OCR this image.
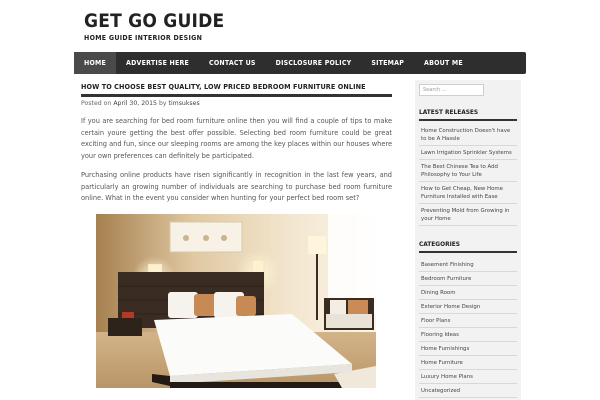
GET GO GUIDE
HOME GUIDE INTERIOR DESIGN
HOME	ADVERTISE HERE	CONTACT US	DISCLOSURE POLICY	SITEMAP	ABOUT ME
HOW TO CHOOSE BEST QUALITY, LOW PRICED BEDROOM FURNITURE ONLINE
Posted on April 30, 2015 by timsukses
If you are searching for bed room furniture online then you will find a couple of tips to make certain youre getting the best offer possible. Selecting bed room furniture could be great exciting and fun, since our sleeping rooms are among the key places within our houses where your own preferences can definitely be participated.
Purchasing online products have risen significantly in recognition in the last few years, and particularly an growing number of individuals are searching to purchase bed room furniture online. What in the event you consider when hunting for your perfect bed room set?
Search ...
LATEST RELEASES
Home Construction Doesn't have to be A Hassle
Lawn Irrigation Sprinkler Systems
The Best Chinese Tea to Add Philosophy to Your Life
How to Get Cheap, New Home Furniture Installed with Ease
Preventing Mold from Growing in your Home
CATEGORIES
Basement Finishing
Bedroom Furniture
Dining Room
Exterior Home Design
Floor Plans
Flooring Ideas
Home Furnishings
Home Furniture
Luxury Home Plans
Uncategorized
